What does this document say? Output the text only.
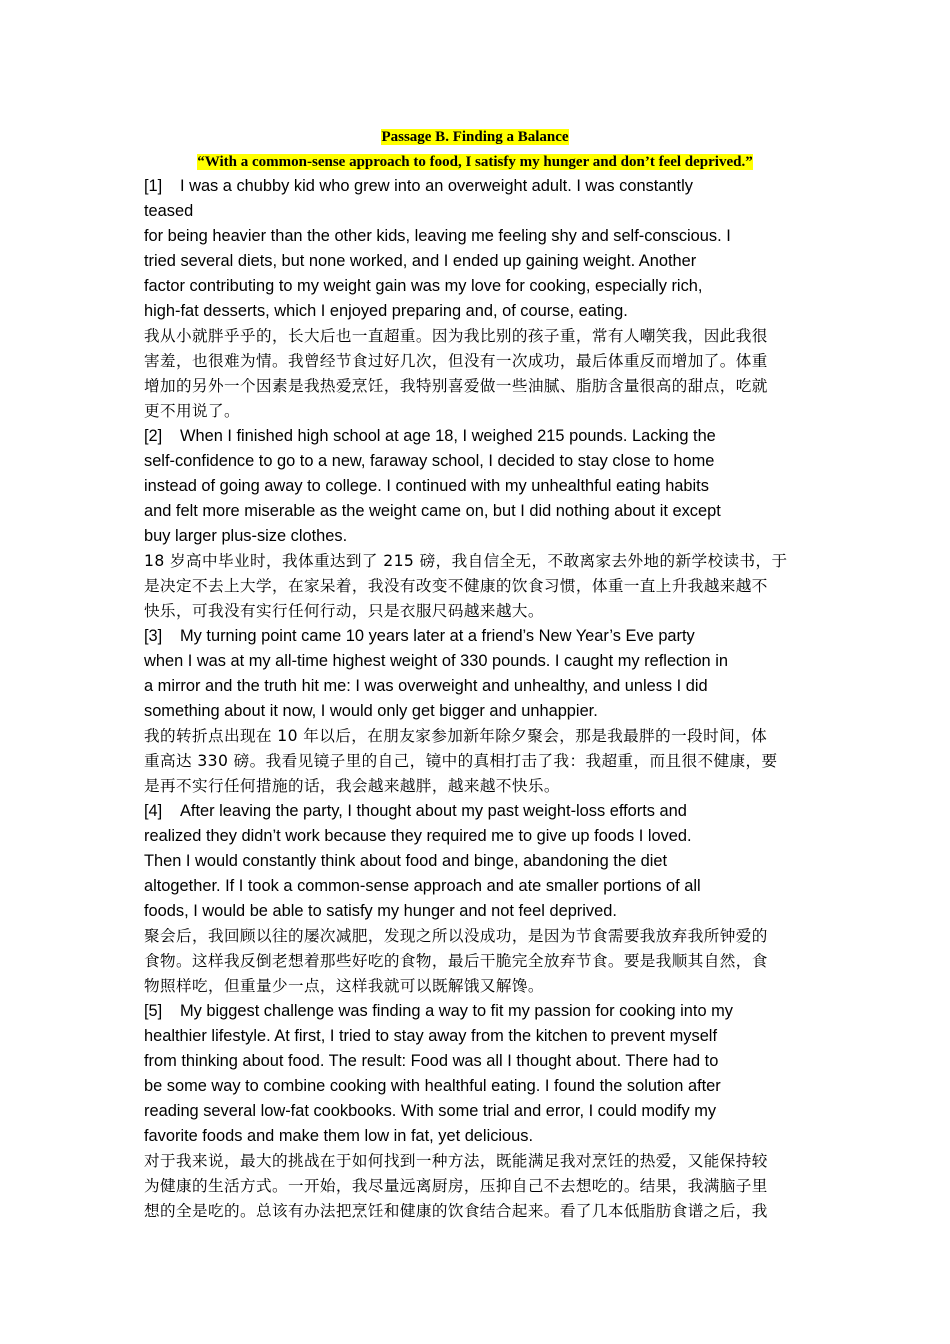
Passage B. Finding a Balance
“With a common-sense approach to food, I satisfy my hunger and don’t feel deprived.”

[1] I was a chubby kid who grew into an overweight adult. I was constantly

teased

for being heavier than the other kids, leaving me feeling shy and self-conscious. I

tried several diets, but none worked, and I ended up gaining weight. Another

factor contributing to my weight gain was my love for cooking, especially rich,

high-fat desserts, which I enjoyed preparing and, of course, eating.

我从小就胖乎乎的，长大后也一直超重。因为我比别的孩子重，常有人嘲笑我，因此我很

害羞，也很难为情。我曾经节食过好几次，但没有一次成功，最后体重反而增加了。体重

增加的另外一个因素是我热爱烹饪，我特别喜爱做一些油腻、脂肪含量很高的甜点，吃就

更不用说了。

[2] When I finished high school at age 18, I weighed 215 pounds. Lacking the

self-confidence to go to a new, faraway school, I decided to stay close to home

instead of going away to college. I continued with my unhealthful eating habits

and felt more miserable as the weight came on, but I did nothing about it except

buy larger plus-size clothes.

18 岁高中毕业时，我体重达到了 215 磅，我自信全无，不敢离家去外地的新学校读书，于

是决定不去上大学，在家呆着，我没有改变不健康的饮食习惯，体重一直上升我越来越不

快乐，可我没有实行任何行动，只是衣服尺码越来越大。

[3] My turning point came 10 years later at a friend’s New Year’s Eve party

when I was at my all-time highest weight of 330 pounds. I caught my reflection in

a mirror and the truth hit me: I was overweight and unhealthy, and unless I did

something about it now, I would only get bigger and unhappier.

我的转折点出现在 10 年以后，在朋友家参加新年除夕聚会，那是我最胖的一段时间，体

重高达 330 磅。我看见镜子里的自己，镜中的真相打击了我：我超重，而且很不健康，要

是再不实行任何措施的话，我会越来越胖，越来越不快乐。

[4] After leaving the party, I thought about my past weight-loss efforts and

realized they didn’t work because they required me to give up foods I loved.

Then I would constantly think about food and binge, abandoning the diet

altogether. If I took a common-sense approach and ate smaller portions of all

foods, I would be able to satisfy my hunger and not feel deprived.

聚会后，我回顾以往的屡次减肥，发现之所以没成功，是因为节食需要我放弃我所钟爱的

食物。这样我反倒老想着那些好吃的食物，最后干脆完全放弃节食。要是我顺其自然，食

物照样吃，但重量少一点，这样我就可以既解饿又解馋。

[5] My biggest challenge was finding a way to fit my passion for cooking into my

healthier lifestyle. At first, I tried to stay away from the kitchen to prevent myself

from thinking about food. The result: Food was all I thought about. There had to

be some way to combine cooking with healthful eating. I found the solution after

reading several low-fat cookbooks. With some trial and error, I could modify my

favorite foods and make them low in fat, yet delicious.

对于我来说，最大的挑战在于如何找到一种方法，既能满足我对烹饪的热爱，又能保持较

为健康的生活方式。一开始，我尽量远离厨房，压抑自己不去想吃的。结果，我满脑子里

想的全是吃的。总该有办法把烹饪和健康的饮食结合起来。看了几本低脂肪食谱之后，我
